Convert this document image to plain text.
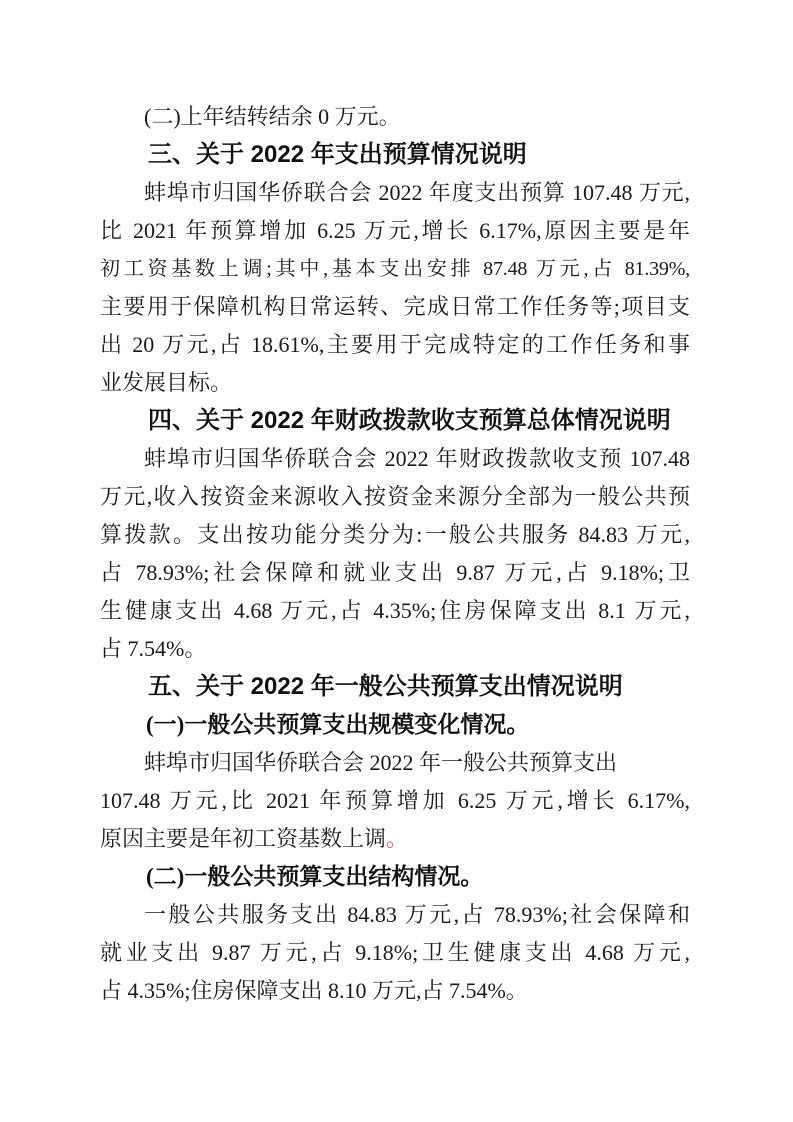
(二)上年结转结余 0 万元。
三、关于 2022 年支出预算情况说明
蚌埠市归国华侨联合会 2022 年度支出预算 107.48 万元,
比 2021 年预算增加 6.25 万元,增长 6.17%,原因主要是年
初工资基数上调;其中,基本支出安排 87.48 万元,占 81.39%,
主要用于保障机构日常运转、完成日常工作任务等;项目支
出 20 万元,占 18.61%,主要用于完成特定的工作任务和事
业发展目标。
四、关于 2022 年财政拨款收支预算总体情况说明
蚌埠市归国华侨联合会 2022 年财政拨款收支预 107.48
万元,收入按资金来源收入按资金来源分全部为一般公共预
算拨款。支出按功能分类分为:一般公共服务 84.83 万元,
占 78.93%;社会保障和就业支出 9.87 万元,占 9.18%;卫
生健康支出 4.68 万元,占 4.35%;住房保障支出 8.1 万元,
占 7.54%。
五、关于 2022 年一般公共预算支出情况说明
(一)一般公共预算支出规模变化情况。
蚌埠市归国华侨联合会 2022 年一般公共预算支出
107.48 万元,比 2021 年预算增加 6.25 万元,增长 6.17%,
原因主要是年初工资基数上调。
(二)一般公共预算支出结构情况。
一般公共服务支出 84.83 万元,占 78.93%;社会保障和
就业支出 9.87 万元,占 9.18%;卫生健康支出 4.68 万元,
占 4.35%;住房保障支出 8.10 万元,占 7.54%。
